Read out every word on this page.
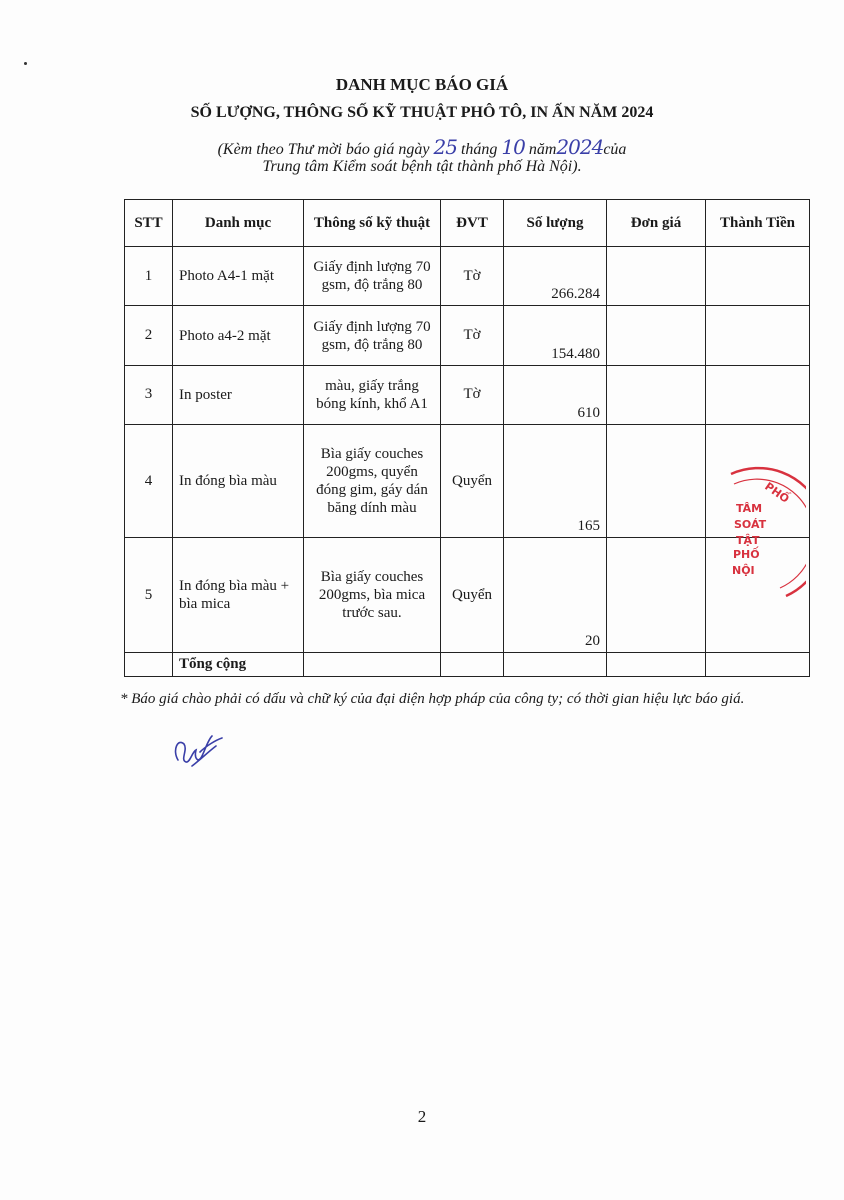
DANH MỤC BÁO GIÁ
SỐ LƯỢNG, THÔNG SỐ KỸ THUẬT PHÔ TÔ, IN ẤN NĂM 2024
(Kèm theo Thư mời báo giá ngày 25 tháng 10 năm2024của
Trung tâm Kiểm soát bệnh tật thành phố Hà Nội).
STT	Danh mục	Thông số kỹ thuật	ĐVT	Số lượng	Đơn giá	Thành Tiền
1	Photo A4-1 mặt	Giấy định lượng 70 gsm, độ trắng 80	Tờ	266.284		
2	Photo a4-2 mặt	Giấy định lượng 70 gsm, độ trắng 80	Tờ	154.480		
3	In poster	màu, giấy trắng bóng kính, khổ A1	Tờ	610		
4	In đóng bìa màu	Bìa giấy couches 200gms, quyển đóng gim, gáy dán băng dính màu	Quyển	165		
5	In đóng bìa màu + bìa mica	Bìa giấy couches 200gms, bìa mica trước sau.	Quyển	20		
	Tổng cộng					
PHỐ
TÂM
SOÁT
TẬT
PHỐ
NỘI
* Báo giá chào phải có dấu và chữ ký của đại diện hợp pháp của công ty; có thời gian hiệu lực báo giá.
2
